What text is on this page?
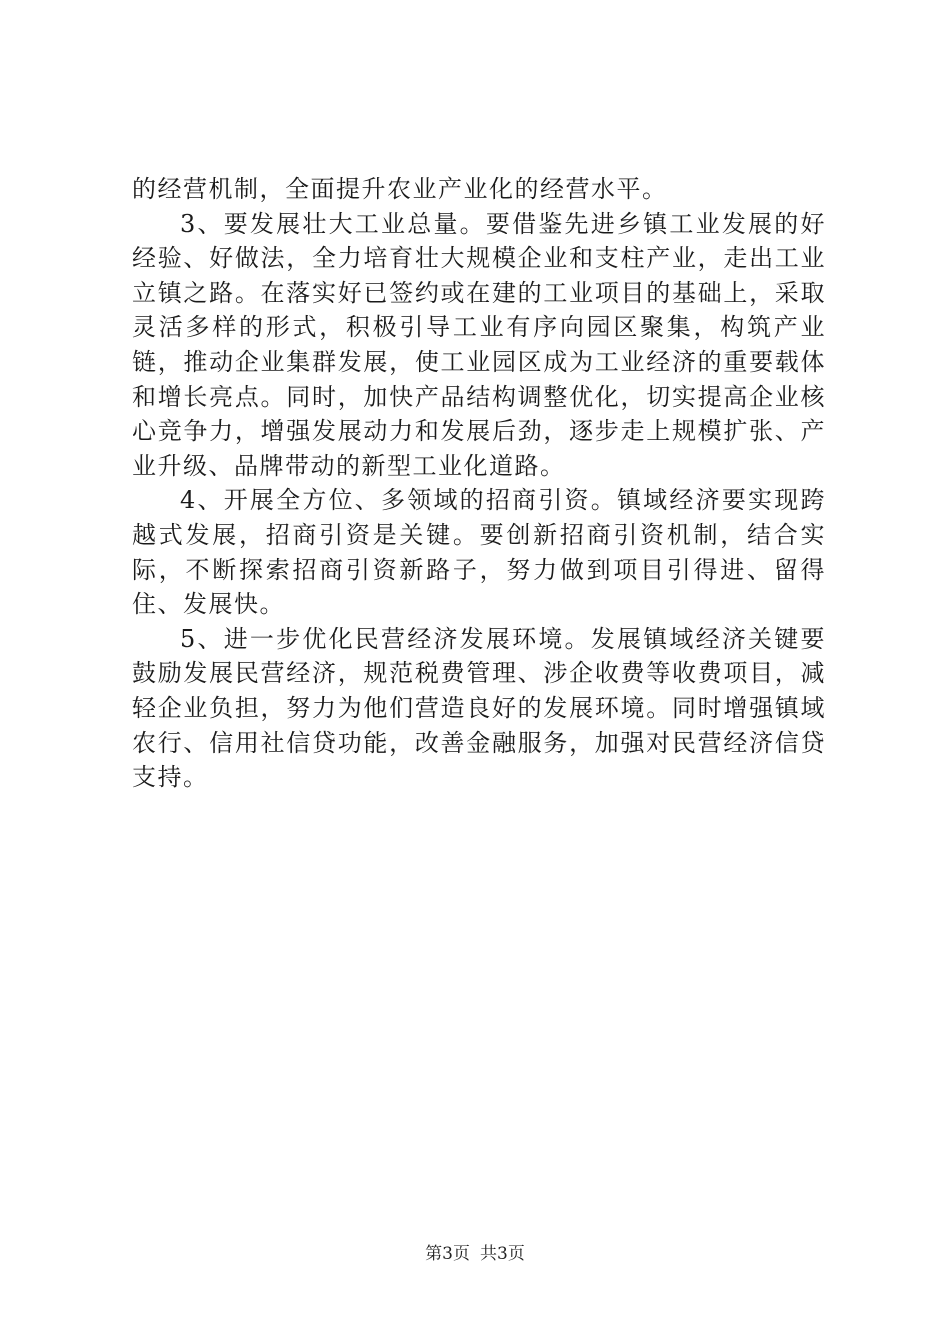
的经营机制，全面提升农业产业化的经营水平。

3、要发展壮大工业总量。要借鉴先进乡镇工业发展的好经验、好做法，全力培育壮大规模企业和支柱产业，走出工业立镇之路。在落实好已签约或在建的工业项目的基础上，采取灵活多样的形式，积极引导工业有序向园区聚集，构筑产业链，推动企业集群发展，使工业园区成为工业经济的重要载体和增长亮点。同时，加快产品结构调整优化，切实提高企业核心竞争力，增强发展动力和发展后劲，逐步走上规模扩张、产业升级、品牌带动的新型工业化道路。

4、开展全方位、多领域的招商引资。镇域经济要实现跨越式发展，招商引资是关键。要创新招商引资机制，结合实际，不断探索招商引资新路子，努力做到项目引得进、留得住、发展快。

5、进一步优化民营经济发展环境。发展镇域经济关键要鼓励发展民营经济，规范税费管理、涉企收费等收费项目，减轻企业负担，努力为他们营造良好的发展环境。同时增强镇域农行、信用社信贷功能，改善金融服务，加强对民营经济信贷支持。

第3页 共3页
